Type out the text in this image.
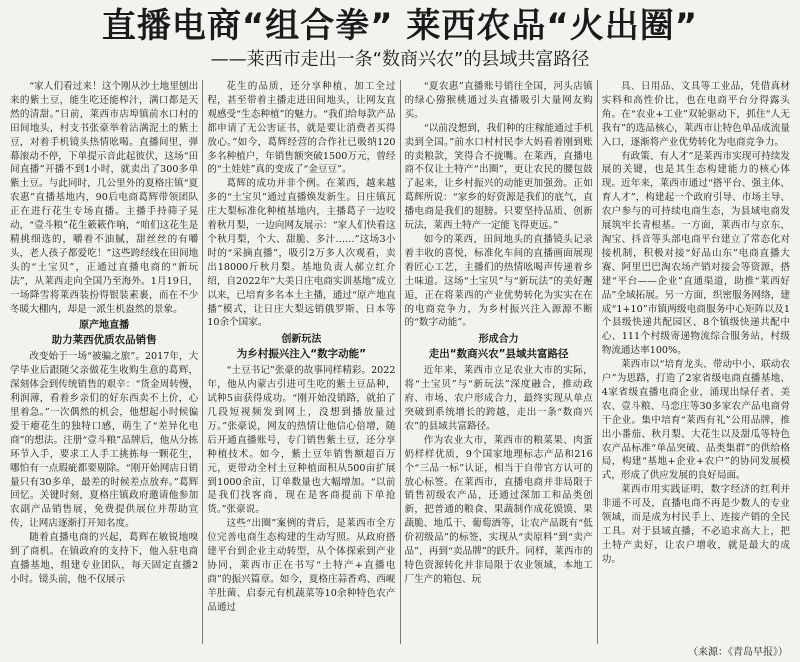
直播电商“组合拳” 莱西农品“火出圈”
——莱西市走出一条“数商兴农”的县域共富路径

“家人们看过来！这个刚从沙土地里刨出来的紫土豆，能生吃还能榨汁，满口都是天然的清甜。”日前，莱西市店埠镇前水口村的田间地头，村支书张豪举着沾满泥土的紫土豆，对着手机镜头热情吆喝。直播间里，弹幕滚动不停，下单提示音此起彼伏，这场“田间直播”开播不到1小时，就卖出了300多单紫土豆。与此同时，几公里外的夏格庄镇“夏农惠”直播基地内，90后电商葛辉带领团队正在进行花生专场直播。主播手持筛子晃动，“壹斗粮”花生簌簌作响，“咱们这花生是精挑细选的，嚼着不油腻，甜丝丝的有嚼头，老人孩子都爱吃！”这些跨经线在田间地头的“土宝贝”，正通过直播电商的“新玩法”，从莱西走向全国乃至海外。1月19日，一场降雪将莱西装扮得银装素裹，而在不少冬暖大棚内，却是一派生机盎然的景象。

原产地直播
助力莱西优质农品销售

改变始于一场“被骗之旅”。2017年，大学毕业后跟随父亲做花生收购生意的葛辉，深刻体会到传统销售的艰辛：“货金周转慢，利润薄，看着乡亲们的好东西卖不上价，心里着急。”一次偶然的机会，他想起小时候偏爱干瘪花生的独特口感，萌生了“差异化电商”的想法。注册“壹斗粮”品牌后，他从分拣环节入手，要求工人手工挑拣每一颗花生，哪怕有一点瑕疵都要剔除。“刚开始网店日销量只有30多单，最差的时候差点放弃。”葛辉回忆。关键时刻，夏格庄镇政府邀请他参加农副产品销售展，免费提供展位并帮助宣传，让网店逐渐打开知名度。

随着直播电商的兴起，葛辉在敏锐地嗅到了商机。在镇政府的支持下，他入驻电商直播基地，组建专业团队，每天固定直播2小时。镜头前，他不仅展示

花生的品质，还分享种植、加工全过程，甚至带着主播走进田间地头，让网友直观感受“生态种植”的魅力。“我们给每款产品都申请了无公害证书，就是要让消费者买得放心。”如今，葛辉经营的合作社已吸纳120多名种植户，年销售额突破1500万元，曾经的“土娃娃”真的变成了“金豆豆”。

葛辉的成功并非个例。在莱西，越来越多的“土宝贝”通过直播焕发新生。日庄镇瓦庄大梨标准化种植基地内，主播葛子一边咬着秋月梨，一边向网友展示：“家人们快看这个秋月梨，个大、甜脆、多汁……”这场3小时的“采摘直播”，吸引2万多人次观看，卖出18000斤秋月梨。基地负责人郝立红介绍，自2022年“大美日庄电商实训基地”成立以来，已培育多名本土主播，通过“原产地直播”模式，让日庄大梨远销俄罗斯、日本等10余个国家。

创新玩法
为乡村振兴注入“数字动能”

“土豆书记”张豪的故事同样精彩。2022年，他从内蒙古引进可生吃的紫土豆品种，试种5亩获得成功。“刚开始没销路，就拍了几段短视频发到网上，没想到播放量过万。”张豪说，网友的热情让他信心倍增，随后开通直播账号，专门销售紫土豆，还分享种植技术。如今，紫土豆年销售额超百万元，更带动全村土豆种植面积从500亩扩展到1000余亩，订单数量也大幅增加。“以前是我们找客商，现在是客商提前下单抢货。”张豪说。

这些“出圈”案例的背后，是莱西市全方位完善电商生态构建的生动写照。从政府搭建平台到企业主动转型，从个体探索到产业协同，莱西市正在书写“土特产+直播电商”的振兴篇章。如今，夏格庄蒜香鸡、西岘羊肚菌、启泰元有机蔬菜等10余种特色农产品通过

“夏农惠”直播账号销往全国，河头店镇的绿心猕猴桃通过头直播吸引大量网友购买。

“以前没想到，我们种的庄稼能通过手机卖到全国。”前水口村村民李大妈看着刚到账的卖粮款，笑得合不拢嘴。在莱西，直播电商不仅让土特产“出圈”，更让农民的腰包鼓了起来，让乡村振兴的动能更加强劲。正如葛辉所说：“家乡的好资源是我们的底气，直播电商是我们的翅膀。只要坚持品质、创新玩法，莱西土特产一定能飞得更远。”

如今的莱西，田间地头的直播镜头记录着丰收的喜悦，标准化车间的直播画面展现着匠心工艺，主播们的热情吆喝声传递着乡土味道。这场“土宝贝”与“新玩法”的美好邂逅，正在将莱西的产业优势转化为实实在在的电商竞争力，为乡村振兴注入源源不断的“数字动能”。

形成合力
走出“数商兴农”县域共富路径

近年来，莱西市立足农业大市的实际，将“土宝贝”与“新玩法”深度融合，推动政府、市场、农户形成合力，最终实现从单点突破到系统增长的跨越，走出一条“数商兴农”的县域共富路径。

作为农业大市，莱西市的粮菜果、肉蛋奶样样优质，9个国家地理标志产品和216个“三品一标”认证，相当于自带官方认可的放心标签。在莱西市，直播电商并非局限于销售初级农产品，还通过深加工和品类创新，把普通的粮食、果蔬制作成花馍馍、果蔬脆、地瓜干、葡萄酒等，让农产品既有“低价初级品”的标签，实现从“卖原料”到“卖产品”，再到“卖品牌”的跃升。同样，莱西市的特色资源转化并非局限于农业领域，本地工厂生产的箱包、玩

具、日用品、文具等工业品，凭借真材实料和高性价比，也在电商平台分得露头角。在“农业+工业”双轮驱动下，抓住“人无我有”的选品核心，莱西市让特色单品成流量入口，逐渐将产业优势转化为电商竞争力。

有政策、有人才”是莱西市实现可持续发展的关键，也是其生态构建能力的核心体现。近年来，莱西市通过“搭平台、强主体、育人才”，构建起一个政府引导、市场主导、农户参与的可持续电商生态，为县域电商发展筑牢长青根基。一方面，莱西市与京东、淘宝、抖音等头部电商平台建立了常态化对接机制，积极对接“好品山东”电商直播大赛、阿里巴巴淘农场产销对接会等资源，搭建“平台——企业”直通渠道，助推“莱西好品”全域拓展。另一方面，织密服务网络，建成“1+10”市镇两级电商服务中心矩阵以及1个县级快递共配园区、8个镇级快递共配中心、111个村级寄递物流综合服务站，村级物流通达率100%。

莱西市以“培育龙头、带动中小、联动农户”为思路，打造了2家省级电商直播基地、4家省级直播电商企业，涌现出绿仔者、美农、壹斗粮、马恋庄等30多家农产品电商骨干企业。集中培育“莱西有礼”公用品牌，推出小番茄、秋月梨、大花生以及甜瓜等特色农产品标准“单品突破、品类集群”的供给格局，构建“基地+企业+农户”的协同发展模式，形成了供应发展的良好局面。

莱西市用实践证明，数字经济的红利并非遥不可及，直播电商不再是少数人的专业领域，而是成为村民手上、连接产销的全民工具。对于县域直播，不必追求高大上，把土特产卖好，让农户增收，就是最大的成功。

（来源：《青岛早报》）
